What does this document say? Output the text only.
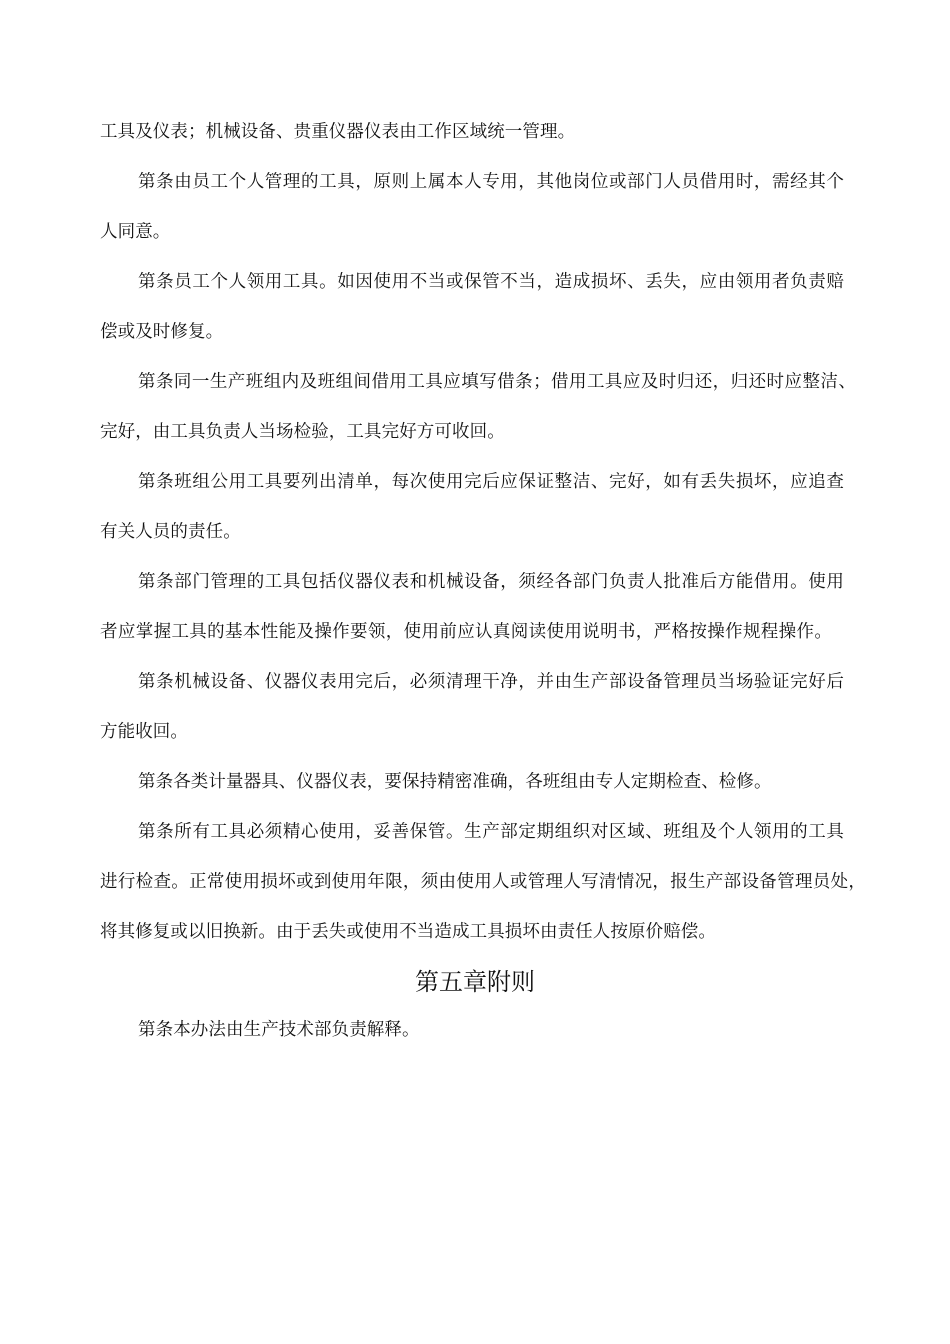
工具及仪表；机械设备、贵重仪器仪表由工作区域统一管理。
第条由员工个人管理的工具，原则上属本人专用，其他岗位或部门人员借用时，需经其个
人同意。
第条员工个人领用工具。如因使用不当或保管不当，造成损坏、丢失，应由领用者负责赔
偿或及时修复。
第条同一生产班组内及班组间借用工具应填写借条；借用工具应及时归还，归还时应整洁、
完好，由工具负责人当场检验，工具完好方可收回。
第条班组公用工具要列出清单，每次使用完后应保证整洁、完好，如有丢失损坏，应追查
有关人员的责任。
第条部门管理的工具包括仪器仪表和机械设备，须经各部门负责人批准后方能借用。使用
者应掌握工具的基本性能及操作要领，使用前应认真阅读使用说明书，严格按操作规程操作。
第条机械设备、仪器仪表用完后，必须清理干净，并由生产部设备管理员当场验证完好后
方能收回。
第条各类计量器具、仪器仪表，要保持精密准确，各班组由专人定期检查、检修。
第条所有工具必须精心使用，妥善保管。生产部定期组织对区域、班组及个人领用的工具
进行检查。正常使用损坏或到使用年限，须由使用人或管理人写清情况，报生产部设备管理员处，
将其修复或以旧换新。由于丢失或使用不当造成工具损坏由责任人按原价赔偿。
第五章附则
第条本办法由生产技术部负责解释。
